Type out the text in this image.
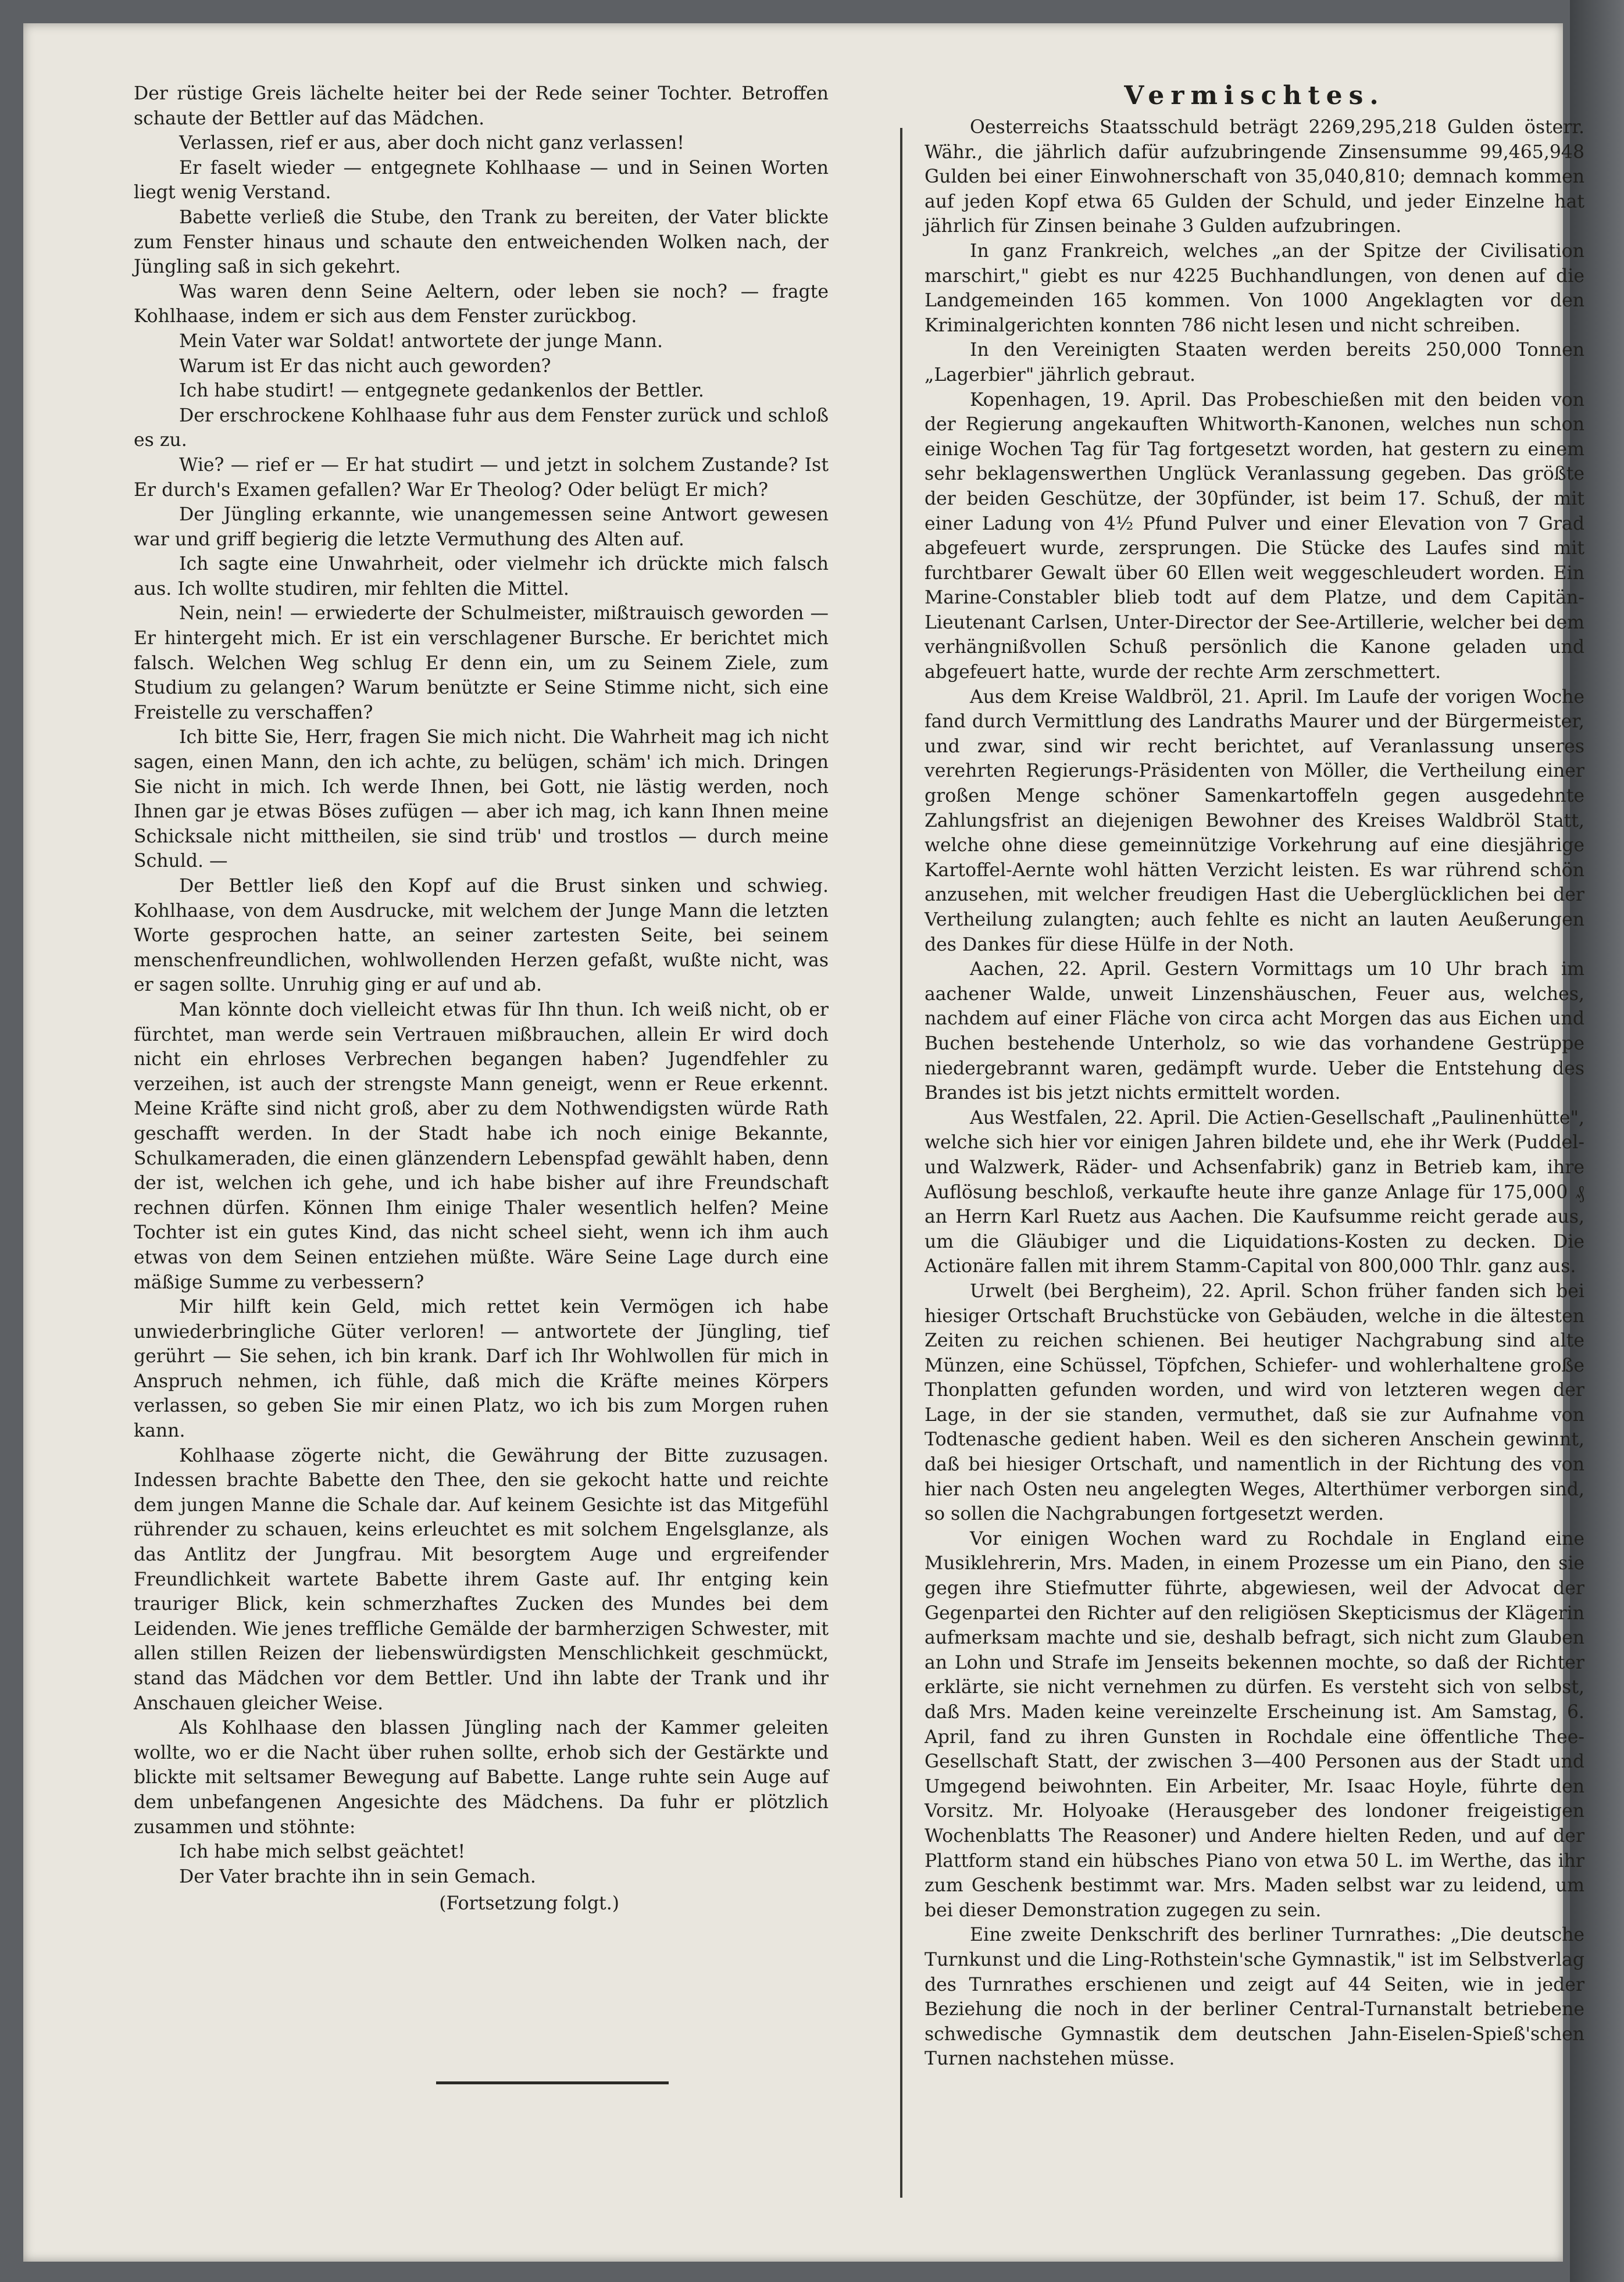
Der rüstige Greis lächelte heiter bei der Rede seiner Tochter. Betroffen schaute der Bettler auf das Mädchen.

Verlassen, rief er aus, aber doch nicht ganz verlassen!

Er faselt wieder — entgegnete Kohlhaase — und in Seinen Worten liegt wenig Verstand.

Babette verließ die Stube, den Trank zu bereiten, der Vater blickte zum Fenster hinaus und schaute den entweichenden Wolken nach, der Jüngling saß in sich gekehrt.

Was waren denn Seine Aeltern, oder leben sie noch? — fragte Kohlhaase, indem er sich aus dem Fenster zurückbog.

Mein Vater war Soldat! antwortete der junge Mann.

Warum ist Er das nicht auch geworden?

Ich habe studirt! — entgegnete gedankenlos der Bettler.

Der erschrockene Kohlhaase fuhr aus dem Fenster zurück und schloß es zu.

Wie? — rief er — Er hat studirt — und jetzt in solchem Zustande? Ist Er durch's Examen gefallen? War Er Theolog? Oder belügt Er mich?

Der Jüngling erkannte, wie unangemessen seine Antwort gewesen war und griff begierig die letzte Vermuthung des Alten auf.

Ich sagte eine Unwahrheit, oder vielmehr ich drückte mich falsch aus. Ich wollte studiren, mir fehlten die Mittel.

Nein, nein! — erwiederte der Schulmeister, mißtrauisch geworden — Er hintergeht mich. Er ist ein verschlagener Bursche. Er berichtet mich falsch. Welchen Weg schlug Er denn ein, um zu Seinem Ziele, zum Studium zu gelangen? Warum benützte er Seine Stimme nicht, sich eine Freistelle zu verschaffen?

Ich bitte Sie, Herr, fragen Sie mich nicht. Die Wahrheit mag ich nicht sagen, einen Mann, den ich achte, zu belügen, schäm' ich mich. Dringen Sie nicht in mich. Ich werde Ihnen, bei Gott, nie lästig werden, noch Ihnen gar je etwas Böses zufügen — aber ich mag, ich kann Ihnen meine Schicksale nicht mittheilen, sie sind trüb' und trostlos — durch meine Schuld. —

Der Bettler ließ den Kopf auf die Brust sinken und schwieg. Kohlhaase, von dem Ausdrucke, mit welchem der Junge Mann die letzten Worte gesprochen hatte, an seiner zartesten Seite, bei seinem menschenfreundlichen, wohlwollenden Herzen gefaßt, wußte nicht, was er sagen sollte. Unruhig ging er auf und ab.

Man könnte doch vielleicht etwas für Ihn thun. Ich weiß nicht, ob er fürchtet, man werde sein Vertrauen mißbrauchen, allein Er wird doch nicht ein ehrloses Verbrechen begangen haben? Jugendfehler zu verzeihen, ist auch der strengste Mann geneigt, wenn er Reue erkennt. Meine Kräfte sind nicht groß, aber zu dem Nothwendigsten würde Rath geschafft werden. In der Stadt habe ich noch einige Bekannte, Schulkameraden, die einen glänzendern Lebenspfad gewählt haben, denn der ist, welchen ich gehe, und ich habe bisher auf ihre Freundschaft rechnen dürfen. Können Ihm einige Thaler wesentlich helfen? Meine Tochter ist ein gutes Kind, das nicht scheel sieht, wenn ich ihm auch etwas von dem Seinen entziehen müßte. Wäre Seine Lage durch eine mäßige Summe zu verbessern?

Mir hilft kein Geld, mich rettet kein Vermögen ich habe unwiederbringliche Güter verloren! — antwortete der Jüngling, tief gerührt — Sie sehen, ich bin krank. Darf ich Ihr Wohlwollen für mich in Anspruch nehmen, ich fühle, daß mich die Kräfte meines Körpers verlassen, so geben Sie mir einen Platz, wo ich bis zum Morgen ruhen kann.

Kohlhaase zögerte nicht, die Gewährung der Bitte zuzusagen. Indessen brachte Babette den Thee, den sie gekocht hatte und reichte dem jungen Manne die Schale dar. Auf keinem Gesichte ist das Mitgefühl rührender zu schauen, keins erleuchtet es mit solchem Engelsglanze, als das Antlitz der Jungfrau. Mit besorgtem Auge und ergreifender Freundlichkeit wartete Babette ihrem Gaste auf. Ihr entging kein trauriger Blick, kein schmerzhaftes Zucken des Mundes bei dem Leidenden. Wie jenes treffliche Gemälde der barmherzigen Schwester, mit allen stillen Reizen der liebenswürdigsten Menschlichkeit geschmückt, stand das Mädchen vor dem Bettler. Und ihn labte der Trank und ihr Anschauen gleicher Weise.

Als Kohlhaase den blassen Jüngling nach der Kammer geleiten wollte, wo er die Nacht über ruhen sollte, erhob sich der Gestärkte und blickte mit seltsamer Bewegung auf Babette. Lange ruhte sein Auge auf dem unbefangenen Angesichte des Mädchens. Da fuhr er plötzlich zusammen und stöhnte:

Ich habe mich selbst geächtet!

Der Vater brachte ihn in sein Gemach.

(Fortsetzung folgt.)
Vermischtes.

Oesterreichs Staatsschuld beträgt 2269,295,218 Gulden österr. Währ., die jährlich dafür aufzubringende Zinsensumme 99,465,948 Gulden bei einer Einwohnerschaft von 35,040,810; demnach kommen auf jeden Kopf etwa 65 Gulden der Schuld, und jeder Einzelne hat jährlich für Zinsen beinahe 3 Gulden aufzubringen.

In ganz Frankreich, welches „an der Spitze der Civilisation marschirt," giebt es nur 4225 Buchhandlungen, von denen auf die Landgemeinden 165 kommen. Von 1000 Angeklagten vor den Kriminalgerichten konnten 786 nicht lesen und nicht schreiben.

In den Vereinigten Staaten werden bereits 250,000 Tonnen „Lagerbier" jährlich gebraut.

Kopenhagen, 19. April. Das Probeschießen mit den beiden von der Regierung angekauften Whitworth-Kanonen, welches nun schon einige Wochen Tag für Tag fortgesetzt worden, hat gestern zu einem sehr beklagenswerthen Unglück Veranlassung gegeben. Das größte der beiden Geschütze, der 30pfünder, ist beim 17. Schuß, der mit einer Ladung von 4½ Pfund Pulver und einer Elevation von 7 Grad abgefeuert wurde, zersprungen. Die Stücke des Laufes sind mit furchtbarer Gewalt über 60 Ellen weit weggeschleudert worden. Ein Marine-Constabler blieb todt auf dem Platze, und dem Capitän-Lieutenant Carlsen, Unter-Director der See-Artillerie, welcher bei dem verhängnißvollen Schuß persönlich die Kanone geladen und abgefeuert hatte, wurde der rechte Arm zerschmettert.

Aus dem Kreise Waldbröl, 21. April. Im Laufe der vorigen Woche fand durch Vermittlung des Landraths Maurer und der Bürgermeister, und zwar, sind wir recht berichtet, auf Veranlassung unseres verehrten Regierungs-Präsidenten von Möller, die Vertheilung einer großen Menge schöner Samenkartoffeln gegen ausgedehnte Zahlungsfrist an diejenigen Bewohner des Kreises Waldbröl Statt, welche ohne diese gemeinnützige Vorkehrung auf eine diesjährige Kartoffel-Aernte wohl hätten Verzicht leisten. Es war rührend schön anzusehen, mit welcher freudigen Hast die Ueberglücklichen bei der Vertheilung zulangten; auch fehlte es nicht an lauten Aeußerungen des Dankes für diese Hülfe in der Noth.

Aachen, 22. April. Gestern Vormittags um 10 Uhr brach im aachener Walde, unweit Linzenshäuschen, Feuer aus, welches, nachdem auf einer Fläche von circa acht Morgen das aus Eichen und Buchen bestehende Unterholz, so wie das vorhandene Gestrüppe niedergebrannt waren, gedämpft wurde. Ueber die Entstehung des Brandes ist bis jetzt nichts ermittelt worden.

Aus Westfalen, 22. April. Die Actien-Gesellschaft „Paulinenhütte", welche sich hier vor einigen Jahren bildete und, ehe ihr Werk (Puddel- und Walzwerk, Räder- und Achsenfabrik) ganz in Betrieb kam, ihre Auflösung beschloß, verkaufte heute ihre ganze Anlage für 175,000 ₰ an Herrn Karl Ruetz aus Aachen. Die Kaufsumme reicht gerade aus, um die Gläubiger und die Liquidations-Kosten zu decken. Die Actionäre fallen mit ihrem Stamm-Capital von 800,000 Thlr. ganz aus.

Urwelt (bei Bergheim), 22. April. Schon früher fanden sich bei hiesiger Ortschaft Bruchstücke von Gebäuden, welche in die ältesten Zeiten zu reichen schienen. Bei heutiger Nachgrabung sind alte Münzen, eine Schüssel, Töpfchen, Schiefer- und wohlerhaltene große Thonplatten gefunden worden, und wird von letzteren wegen der Lage, in der sie standen, vermuthet, daß sie zur Aufnahme von Todtenasche gedient haben. Weil es den sicheren Anschein gewinnt, daß bei hiesiger Ortschaft, und namentlich in der Richtung des von hier nach Osten neu angelegten Weges, Alterthümer verborgen sind, so sollen die Nachgrabungen fortgesetzt werden.

Vor einigen Wochen ward zu Rochdale in England eine Musiklehrerin, Mrs. Maden, in einem Prozesse um ein Piano, den sie gegen ihre Stiefmutter führte, abgewiesen, weil der Advocat der Gegenpartei den Richter auf den religiösen Skepticismus der Klägerin aufmerksam machte und sie, deshalb befragt, sich nicht zum Glauben an Lohn und Strafe im Jenseits bekennen mochte, so daß der Richter erklärte, sie nicht vernehmen zu dürfen. Es versteht sich von selbst, daß Mrs. Maden keine vereinzelte Erscheinung ist. Am Samstag, 6. April, fand zu ihren Gunsten in Rochdale eine öffentliche Thee-Gesellschaft Statt, der zwischen 3—400 Personen aus der Stadt und Umgegend beiwohnten. Ein Arbeiter, Mr. Isaac Hoyle, führte den Vorsitz. Mr. Holyoake (Herausgeber des londoner freigeistigen Wochenblatts The Reasoner) und Andere hielten Reden, und auf der Plattform stand ein hübsches Piano von etwa 50 L. im Werthe, das ihr zum Geschenk bestimmt war. Mrs. Maden selbst war zu leidend, um bei dieser Demonstration zugegen zu sein.

Eine zweite Denkschrift des berliner Turnrathes: „Die deutsche Turnkunst und die Ling-Rothstein'sche Gymnastik," ist im Selbstverlag des Turnrathes erschienen und zeigt auf 44 Seiten, wie in jeder Beziehung die noch in der berliner Central-Turnanstalt betriebene schwedische Gymnastik dem deutschen Jahn-Eiselen-Spieß'schen Turnen nachstehen müsse.
